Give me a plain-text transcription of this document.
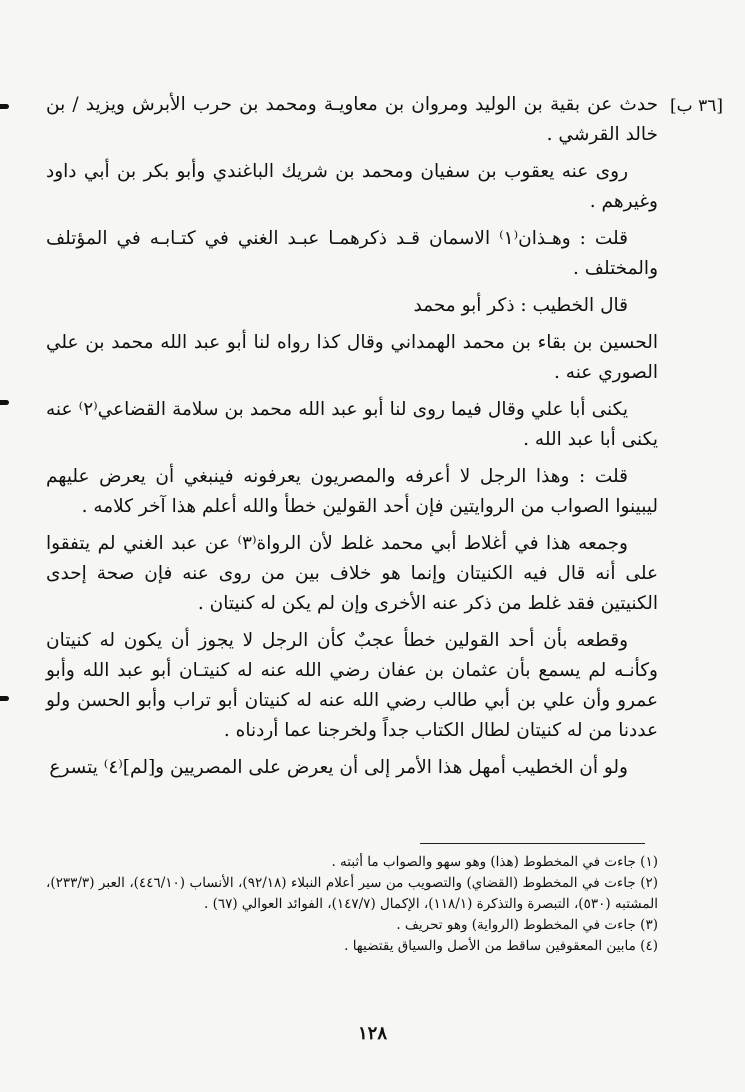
[٣٦ ب]

حدث عن بقية بن الوليد ومروان بن معاويـة ومحمد بن حرب الأبرش ويزيد / بن خالد القرشي .

روى عنه يعقوب بن سفيان ومحمد بن شريك الباغندي وأبو بكر بن أبي داود وغيرهم .

قلت : وهـذان⁽١⁾ الاسمان قـد ذكرهمـا عبـد الغني في كتـابـه في المؤتلف والمختلف .

قال الخطيب : ذكر أبو محمد

الحسين بن بقاء بن محمد الهمداني وقال كذا رواه لنا أبو عبد الله محمد بن علي الصوري عنه .

يكنى أبا علي وقال فيما روى لنا أبو عبد الله محمد بن سلامة القضاعي⁽٢⁾ عنه يكنى أبا عبد الله .

قلت : وهذا الرجل لا أعرفه والمصريون يعرفونه فينبغي أن يعرض عليهم ليبينوا الصواب من الروايتين فإن أحد القولين خطأ والله أعلم هذا آخر كلامه .

وجمعه هذا في أغلاط أبي محمد غلط لأن الرواة⁽٣⁾ عن عبد الغني لم يتفقوا على أنه قال فيه الكنيتان وإنما هو خلاف بين من روى عنه فإن صحة إحدى الكنيتين فقد غلط من ذكر عنه الأخرى وإن لم يكن له كنيتان .

وقطعه بأن أحد القولين خطأ عجبٌ كأن الرجل لا يجوز أن يكون له كنيتان وكأنـه لم يسمع بأن عثمان بن عفان رضي الله عنه له كنيتـان أبو عبد الله وأبو عمرو وأن علي بن أبي طالب رضي الله عنه له كنيتان أبو تراب وأبو الحسن ولو عددنا من له كنيتان لطال الكتاب جداً ولخرجنا عما أردناه .

ولو أن الخطيب أمهل هذا الأمر إلى أن يعرض على المصريين و[لم]⁽٤⁾ يتسرع

(١) جاءت في المخطوط (هذا) وهو سهو والصواب ما أثبته .

(٢) جاءت في المخطوط (القضاي) والتصويب من سير أعلام النبلاء (٩٢/١٨)، الأنساب (٤٤٦/١٠)، العبر (٢٣٣/٣)، المشتبه (٥٣٠)، التبصرة والتذكرة (١١٨/١)، الإكمال (١٤٧/٧)، الفوائد العوالي (٦٧) .

(٣) جاءت في المخطوط (الرواية) وهو تحريف .

(٤) مابين المعقوفين ساقط من الأصل والسياق يقتضيها .

١٢٨
